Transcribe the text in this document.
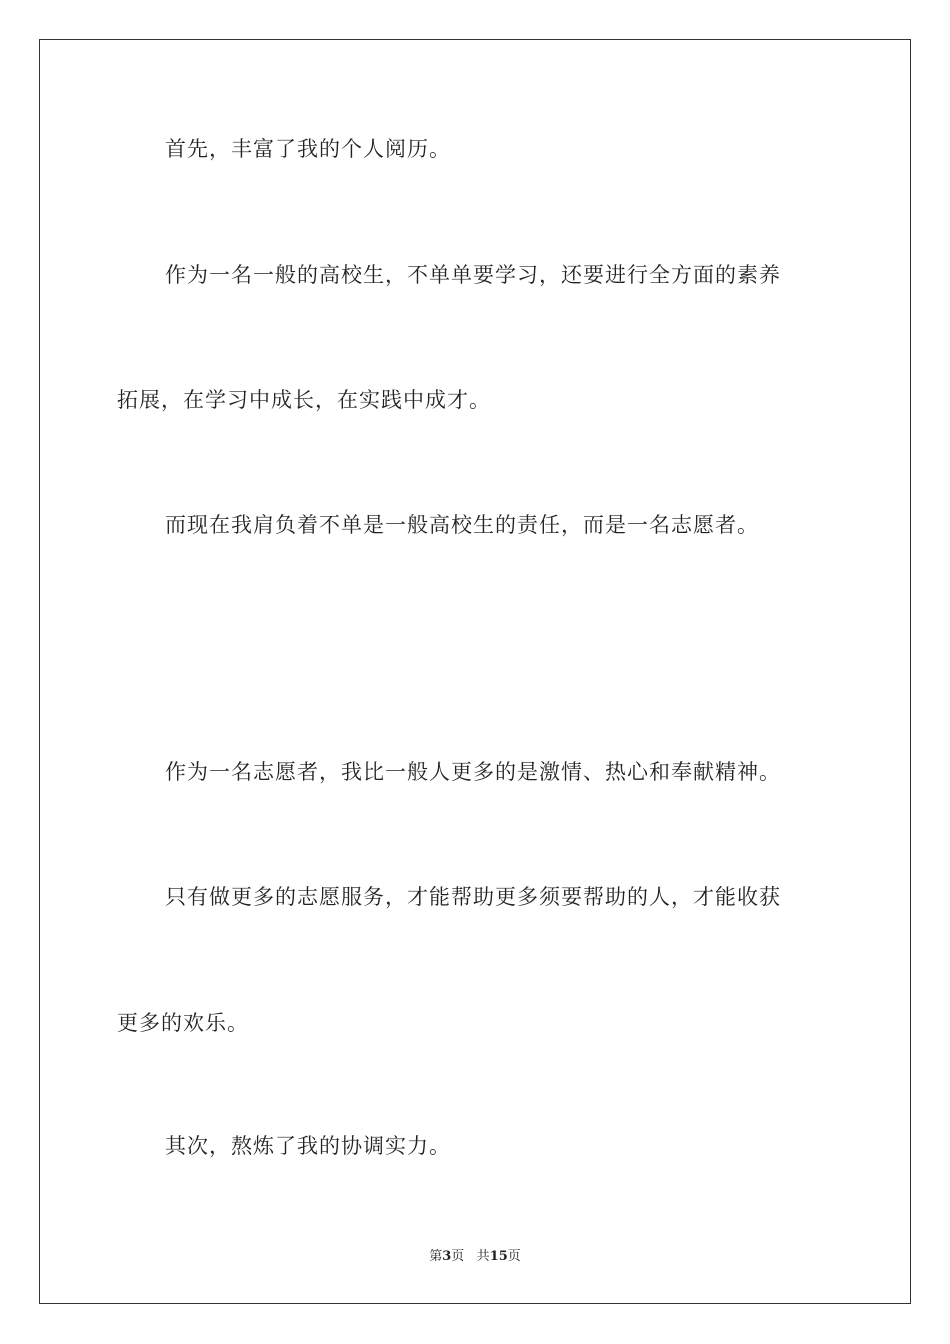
首先，丰富了我的个人阅历。
作为一名一般的高校生，不单单要学习，还要进行全方面的素养
拓展，在学习中成长，在实践中成才。
而现在我肩负着不单是一般高校生的责任，而是一名志愿者。
作为一名志愿者，我比一般人更多的是激情、热心和奉献精神。
只有做更多的志愿服务，才能帮助更多须要帮助的人，才能收获
更多的欢乐。
其次，熬炼了我的协调实力。
第3页 共15页
